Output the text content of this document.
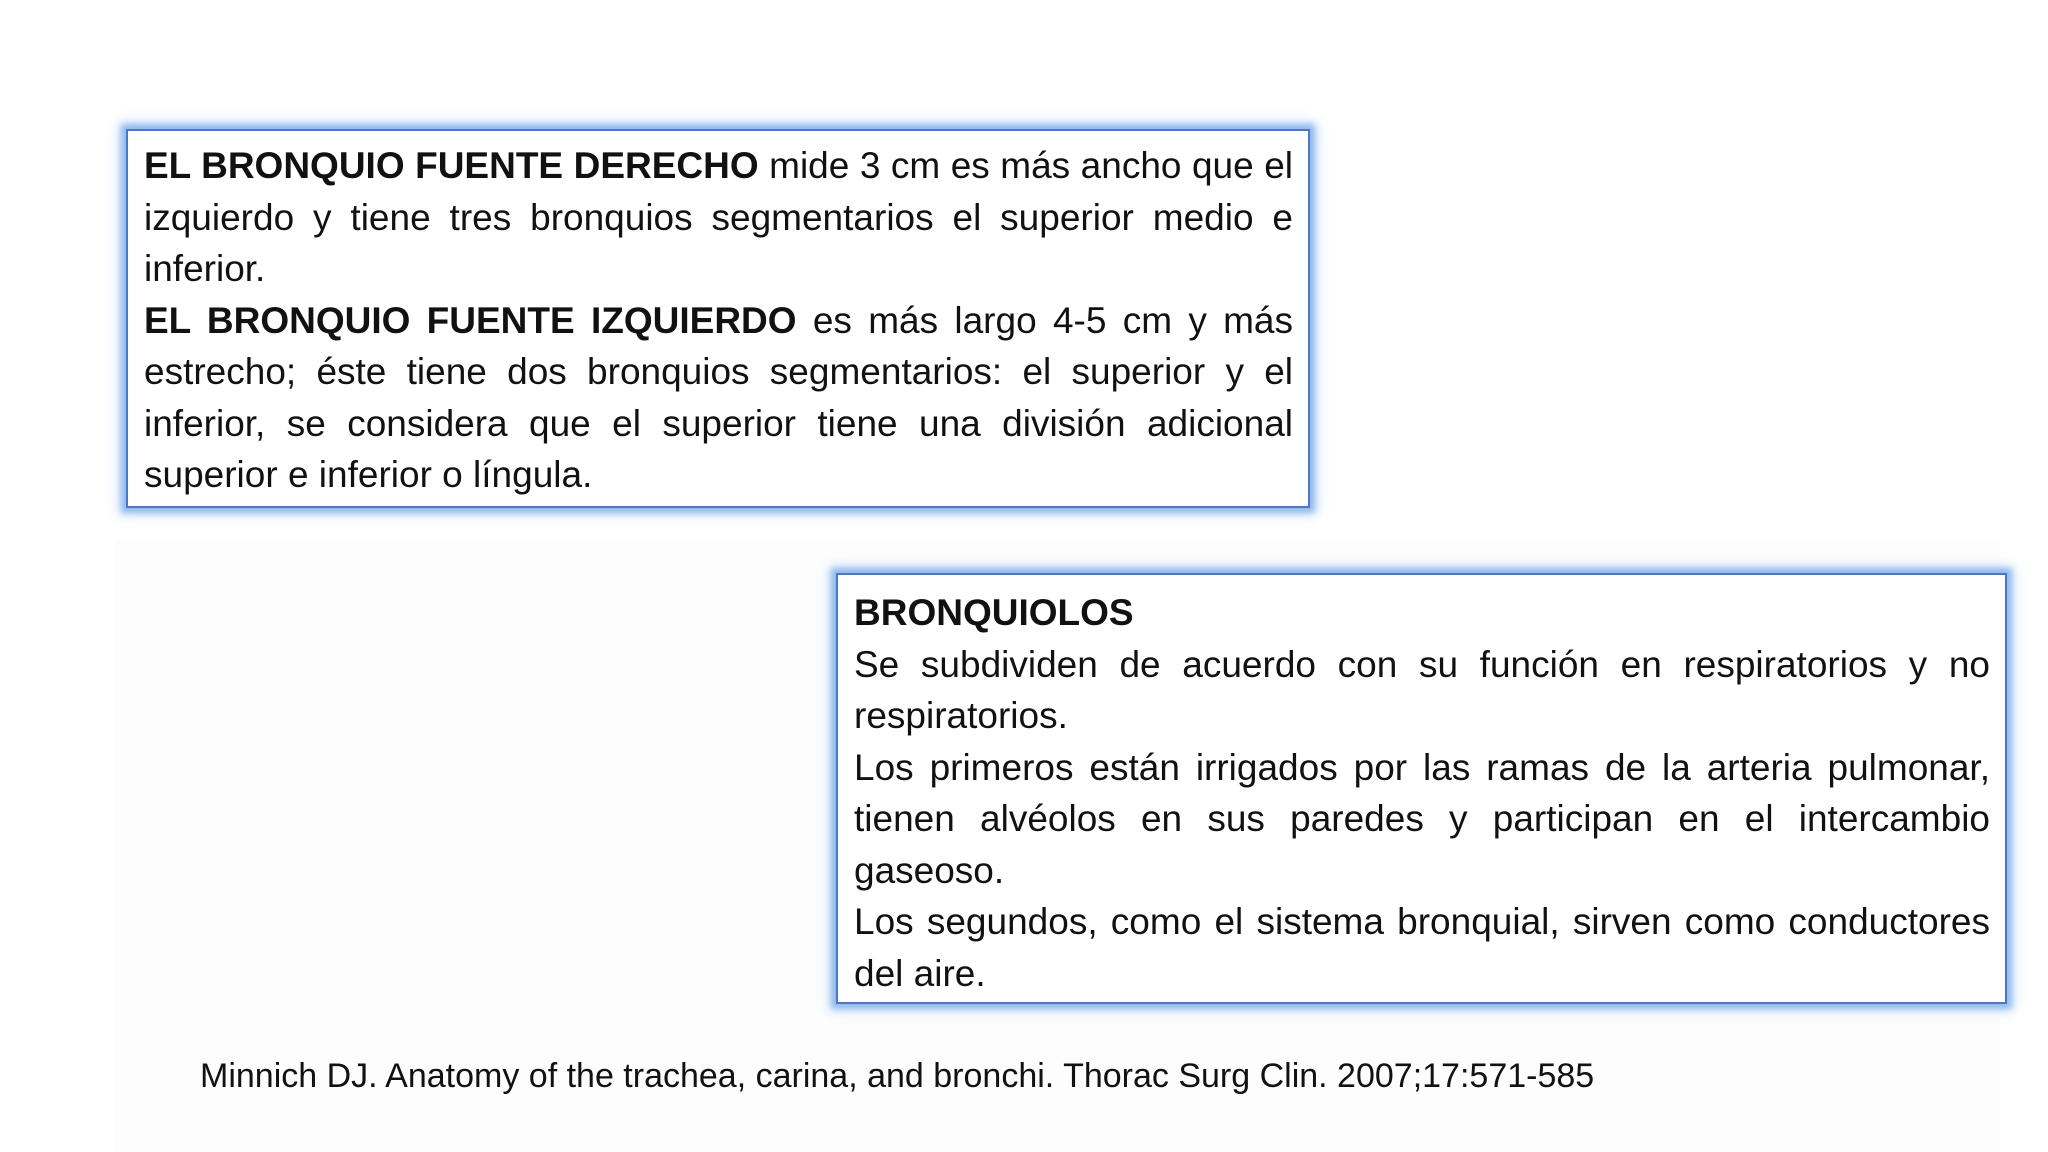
EL BRONQUIO FUENTE DERECHO mide 3 cm es más ancho que el izquierdo y tiene tres bronquios segmentarios el superior medio e inferior.

EL BRONQUIO FUENTE IZQUIERDO es más largo 4-5 cm y más estrecho; éste tiene dos bronquios segmentarios: el superior y el inferior, se considera que el superior tiene una división adicional superior e inferior o língula.

BRONQUIOLOS

Se subdividen de acuerdo con su función en respiratorios y no respiratorios.

Los primeros están irrigados por las ramas de la arteria pulmonar, tienen alvéolos en sus paredes y participan en el intercambio gaseoso.

Los segundos, como el sistema bronquial, sirven como conductores del aire.

Minnich DJ. Anatomy of the trachea, carina, and bronchi. Thorac Surg Clin. 2007;17:571-585
